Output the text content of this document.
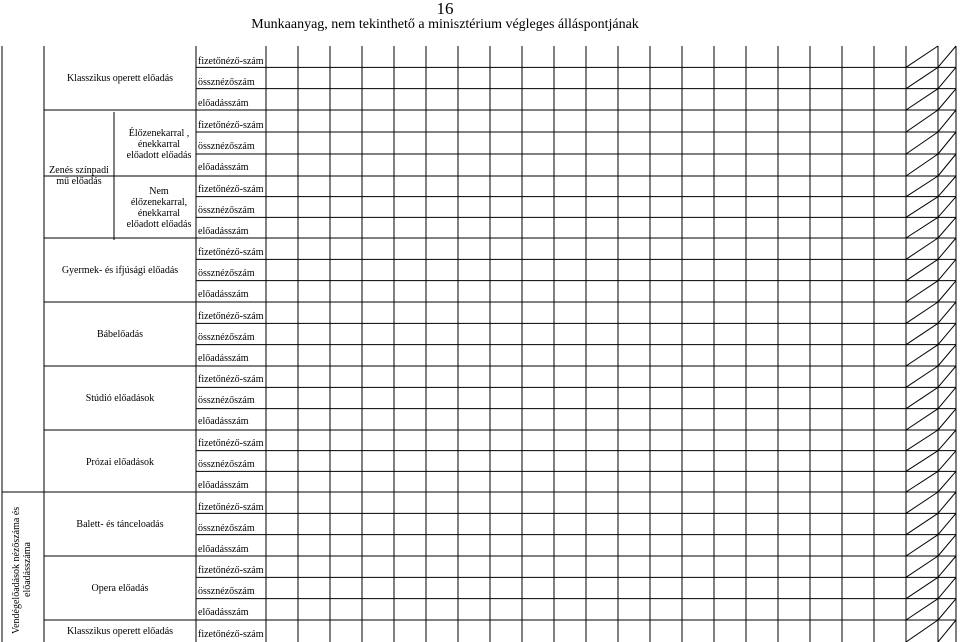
16
Munkaanyag, nem tekinthető a minisztérium végleges álláspontjának
Klasszikus operett előadás
Zenés színpadi mű előadás
Élőzenekarral , énekkarral előadott előadás
Nem élőzenekarral, énekkarral előadott előadás
Gyermek- és ifjúsági előadás
Bábelőadás
Stúdió előadások
Prózai előadások
Balett- és tánceloadás
Opera előadás
Klasszikus operett előadás
Vendégelőadások nézőszáma és előadásszáma
fizetőnéző-szám
össznézőszám
előadásszám
fizetőnéző-szám
össznézőszám
előadásszám
fizetőnéző-szám
össznézőszám
előadásszám
fizetőnéző-szám
össznézőszám
előadásszám
fizetőnéző-szám
össznézőszám
előadásszám
fizetőnéző-szám
össznézőszám
előadásszám
fizetőnéző-szám
össznézőszám
előadásszám
fizetőnéző-szám
össznézőszám
előadásszám
fizetőnéző-szám
össznézőszám
előadásszám
fizetőnéző-szám
